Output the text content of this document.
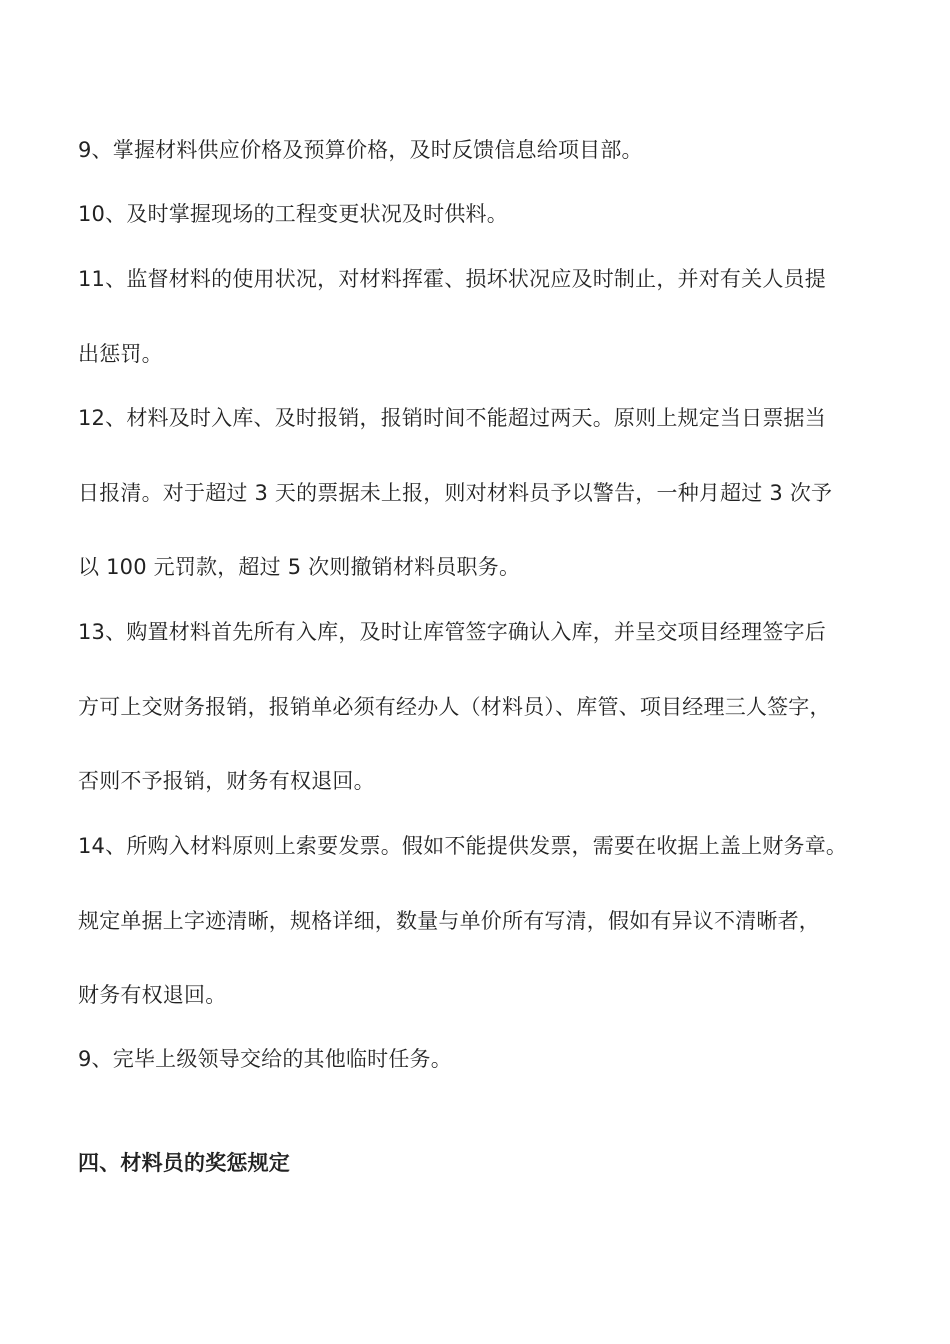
9、掌握材料供应价格及预算价格，及时反馈信息给项目部。
10、及时掌握现场的工程变更状况及时供料。
11、监督材料的使用状况，对材料挥霍、损坏状况应及时制止，并对有关人员提
出惩罚。
12、材料及时入库、及时报销，报销时间不能超过两天。原则上规定当日票据当
日报清。对于超过 3 天的票据未上报，则对材料员予以警告，一种月超过 3 次予
以 100 元罚款，超过 5 次则撤销材料员职务。
13、购置材料首先所有入库，及时让库管签字确认入库，并呈交项目经理签字后
方可上交财务报销，报销单必须有经办人（材料员）、库管、项目经理三人签字，
否则不予报销，财务有权退回。
14、所购入材料原则上索要发票。假如不能提供发票，需要在收据上盖上财务章。
规定单据上字迹清晰，规格详细，数量与单价所有写清，假如有异议不清晰者，
财务有权退回。
9、完毕上级领导交给的其他临时任务。
四、材料员的奖惩规定
